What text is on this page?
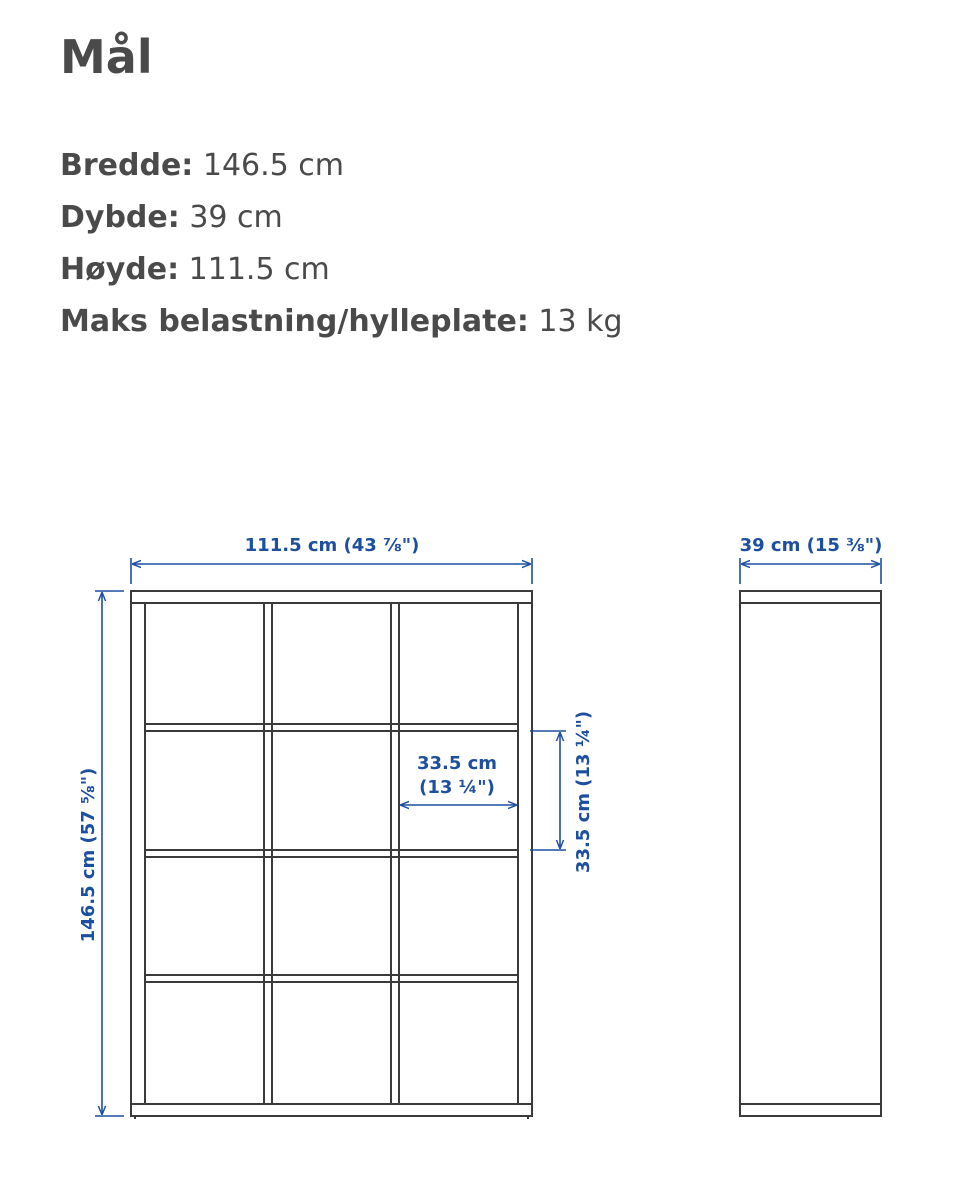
Mål
Bredde: 146.5 cm
Dybde: 39 cm
Høyde: 111.5 cm
Maks belastning/hylleplate: 13 kg
111.5 cm (43 ⅞")	39 cm (15 ⅜")
146.5 cm (57 ⅝")
33.5 cm
(13 ¼")	33.5 cm (13 ¼")
